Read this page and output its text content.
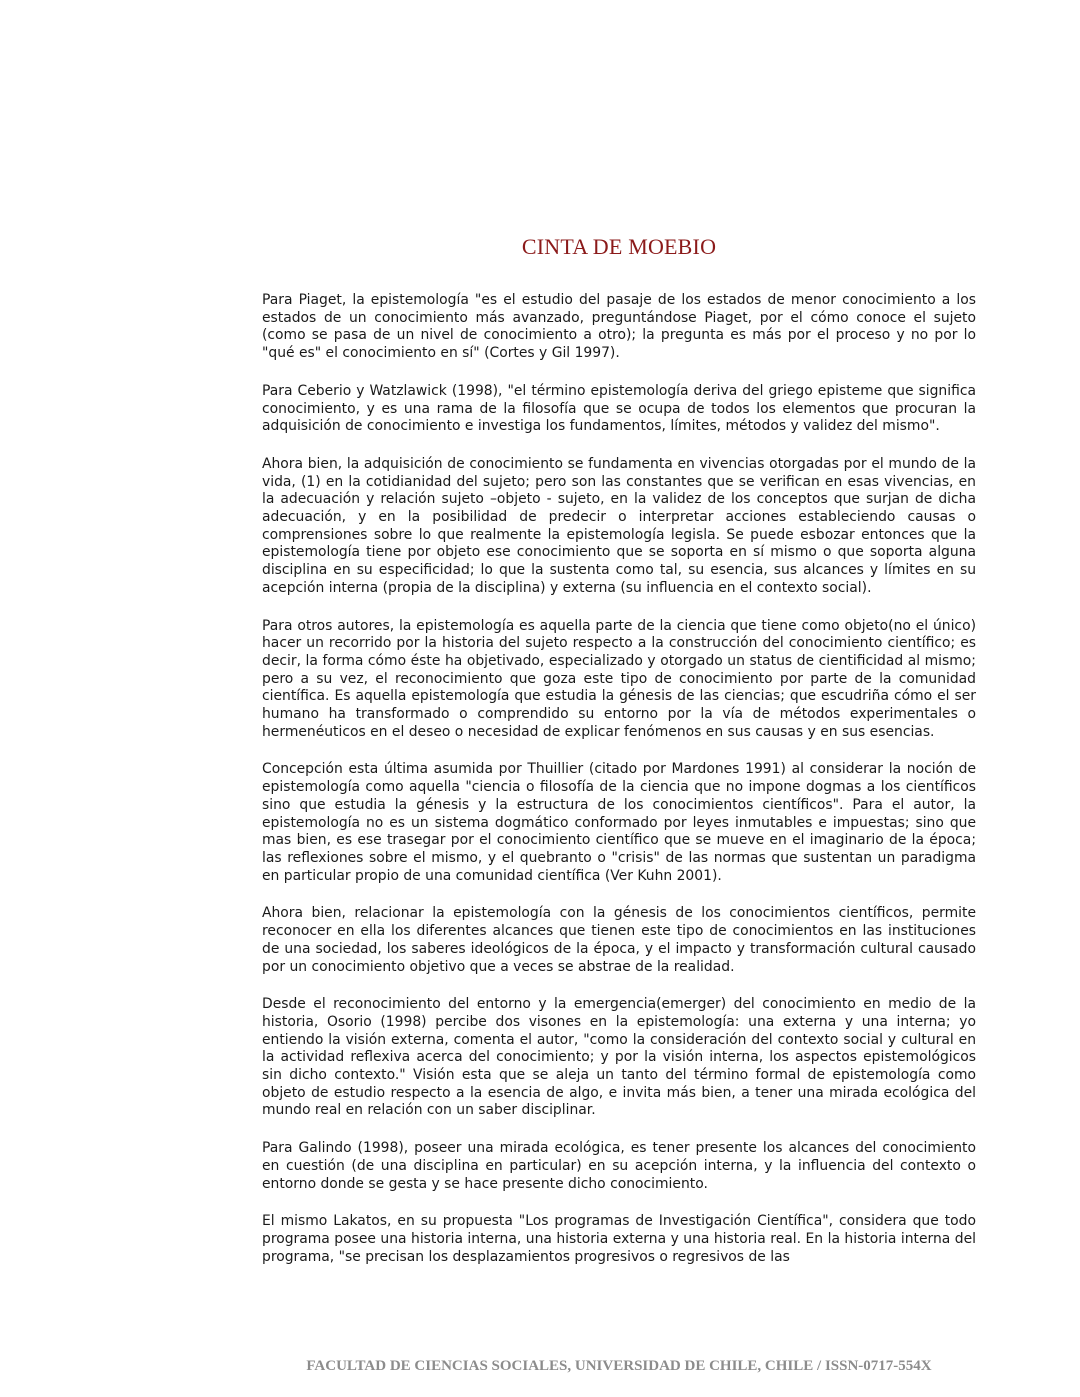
CINTA DE MOEBIO

Para Piaget, la epistemología "es el estudio del pasaje de los estados de menor conocimiento a los estados de un conocimiento más avanzado, preguntándose Piaget, por el cómo conoce el sujeto (como se pasa de un nivel de conocimiento a otro); la pregunta es más por el proceso y no por lo "qué es" el conocimiento en sí" (Cortes y Gil 1997).

Para Ceberio y Watzlawick (1998), "el término epistemología deriva del griego episteme que significa conocimiento, y es una rama de la filosofía que se ocupa de todos los elementos que procuran la adquisición de conocimiento e investiga los fundamentos, límites, métodos y validez del mismo".

Ahora bien, la adquisición de conocimiento se fundamenta en vivencias otorgadas por el mundo de la vida, (1) en la cotidianidad del sujeto; pero son las constantes que se verifican en esas vivencias, en la adecuación y relación sujeto –objeto - sujeto, en la validez de los conceptos que surjan de dicha adecuación, y en la posibilidad de predecir o interpretar acciones estableciendo causas o comprensiones sobre lo que realmente la epistemología legisla. Se puede esbozar entonces que la epistemología tiene por objeto ese conocimiento que se soporta en sí mismo o que soporta alguna disciplina en su especificidad; lo que la sustenta como tal, su esencia, sus alcances y límites en su acepción interna (propia de la disciplina) y externa (su influencia en el contexto social).

Para otros autores, la epistemología es aquella parte de la ciencia que tiene como objeto(no el único) hacer un recorrido por la historia del sujeto respecto a la construcción del conocimiento científico; es decir, la forma cómo éste ha objetivado, especializado y otorgado un status de cientificidad al mismo; pero a su vez, el reconocimiento que goza este tipo de conocimiento por parte de la comunidad científica. Es aquella epistemología que estudia la génesis de las ciencias; que escudriña cómo el ser humano ha transformado o comprendido su entorno por la vía de métodos experimentales o hermenéuticos en el deseo o necesidad de explicar fenómenos en sus causas y en sus esencias.

Concepción esta última asumida por Thuillier (citado por Mardones 1991) al considerar la noción de epistemología como aquella "ciencia o filosofía de la ciencia que no impone dogmas a los científicos sino que estudia la génesis y la estructura de los conocimientos científicos". Para el autor, la epistemología no es un sistema dogmático conformado por leyes inmutables e impuestas; sino que mas bien, es ese trasegar por el conocimiento científico que se mueve en el imaginario de la época; las reflexiones sobre el mismo, y el quebranto o "crisis" de las normas que sustentan un paradigma en particular propio de una comunidad científica (Ver Kuhn 2001).

Ahora bien, relacionar la epistemología con la génesis de los conocimientos científicos, permite reconocer en ella los diferentes alcances que tienen este tipo de conocimientos en las instituciones de una sociedad, los saberes ideológicos de la época, y el impacto y transformación cultural causado por un conocimiento objetivo que a veces se abstrae de la realidad.

Desde el reconocimiento del entorno y la emergencia(emerger) del conocimiento en medio de la historia, Osorio (1998) percibe dos visones en la epistemología: una externa y una interna; yo entiendo la visión externa, comenta el autor, "como la consideración del contexto social y cultural en la actividad reflexiva acerca del conocimiento; y por la visión interna, los aspectos epistemológicos sin dicho contexto." Visión esta que se aleja un tanto del término formal de epistemología como objeto de estudio respecto a la esencia de algo, e invita más bien, a tener una mirada ecológica del mundo real en relación con un saber disciplinar.

Para Galindo (1998), poseer una mirada ecológica, es tener presente los alcances del conocimiento en cuestión (de una disciplina en particular) en su acepción interna, y la influencia del contexto o entorno donde se gesta y se hace presente dicho conocimiento.

El mismo Lakatos, en su propuesta "Los programas de Investigación Científica", considera que todo programa posee una historia interna, una historia externa y una historia real. En la historia interna del programa, "se precisan los desplazamientos progresivos o regresivos de las

FACULTAD DE CIENCIAS SOCIALES, UNIVERSIDAD DE CHILE, CHILE / ISSN-0717-554X
